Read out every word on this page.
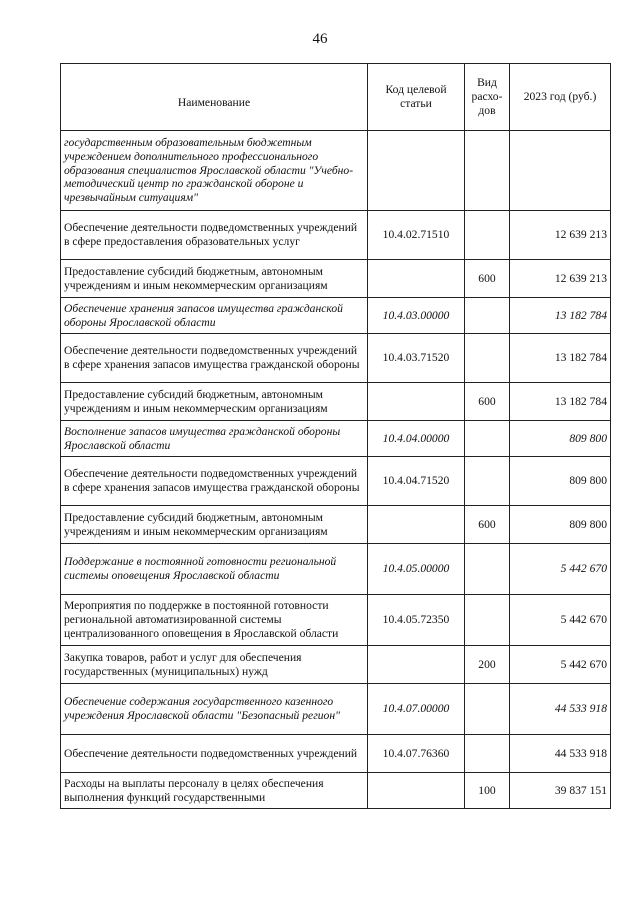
46
Наименование	Код целевой статьи	Вид расхо-дов	2023 год (руб.)
государственным образовательным бюджетным учреждением дополнительного профессионального образования специалистов Ярославской области "Учебно-методический центр по гражданской обороне и чрезвычайным ситуациям"			
Обеспечение деятельности подведомственных учреждений в сфере предоставления образовательных услуг	10.4.02.71510		12 639 213
Предоставление субсидий бюджетным, автономным учреждениям и иным некоммерческим организациям		600	12 639 213
Обеспечение хранения запасов имущества гражданской обороны Ярославской области	10.4.03.00000		13 182 784
Обеспечение деятельности подведомственных учреждений в сфере хранения запасов имущества гражданской обороны	10.4.03.71520		13 182 784
Предоставление субсидий бюджетным, автономным учреждениям и иным некоммерческим организациям		600	13 182 784
Восполнение запасов имущества гражданской обороны Ярославской области	10.4.04.00000		809 800
Обеспечение деятельности подведомственных учреждений в сфере хранения запасов имущества гражданской обороны	10.4.04.71520		809 800
Предоставление субсидий бюджетным, автономным учреждениям и иным некоммерческим организациям		600	809 800
Поддержание в постоянной готовности региональной системы оповещения Ярославской области	10.4.05.00000		5 442 670
Мероприятия по поддержке в постоянной готовности региональной автоматизированной системы централизованного оповещения в Ярославской области	10.4.05.72350		5 442 670
Закупка товаров, работ и услуг для обеспечения государственных (муниципальных) нужд		200	5 442 670
Обеспечение содержания государственного казенного учреждения Ярославской области "Безопасный регион"	10.4.07.00000		44 533 918
Обеспечение деятельности подведомственных учреждений	10.4.07.76360		44 533 918
Расходы на выплаты персоналу в целях обеспечения выполнения функций государственными		100	39 837 151
